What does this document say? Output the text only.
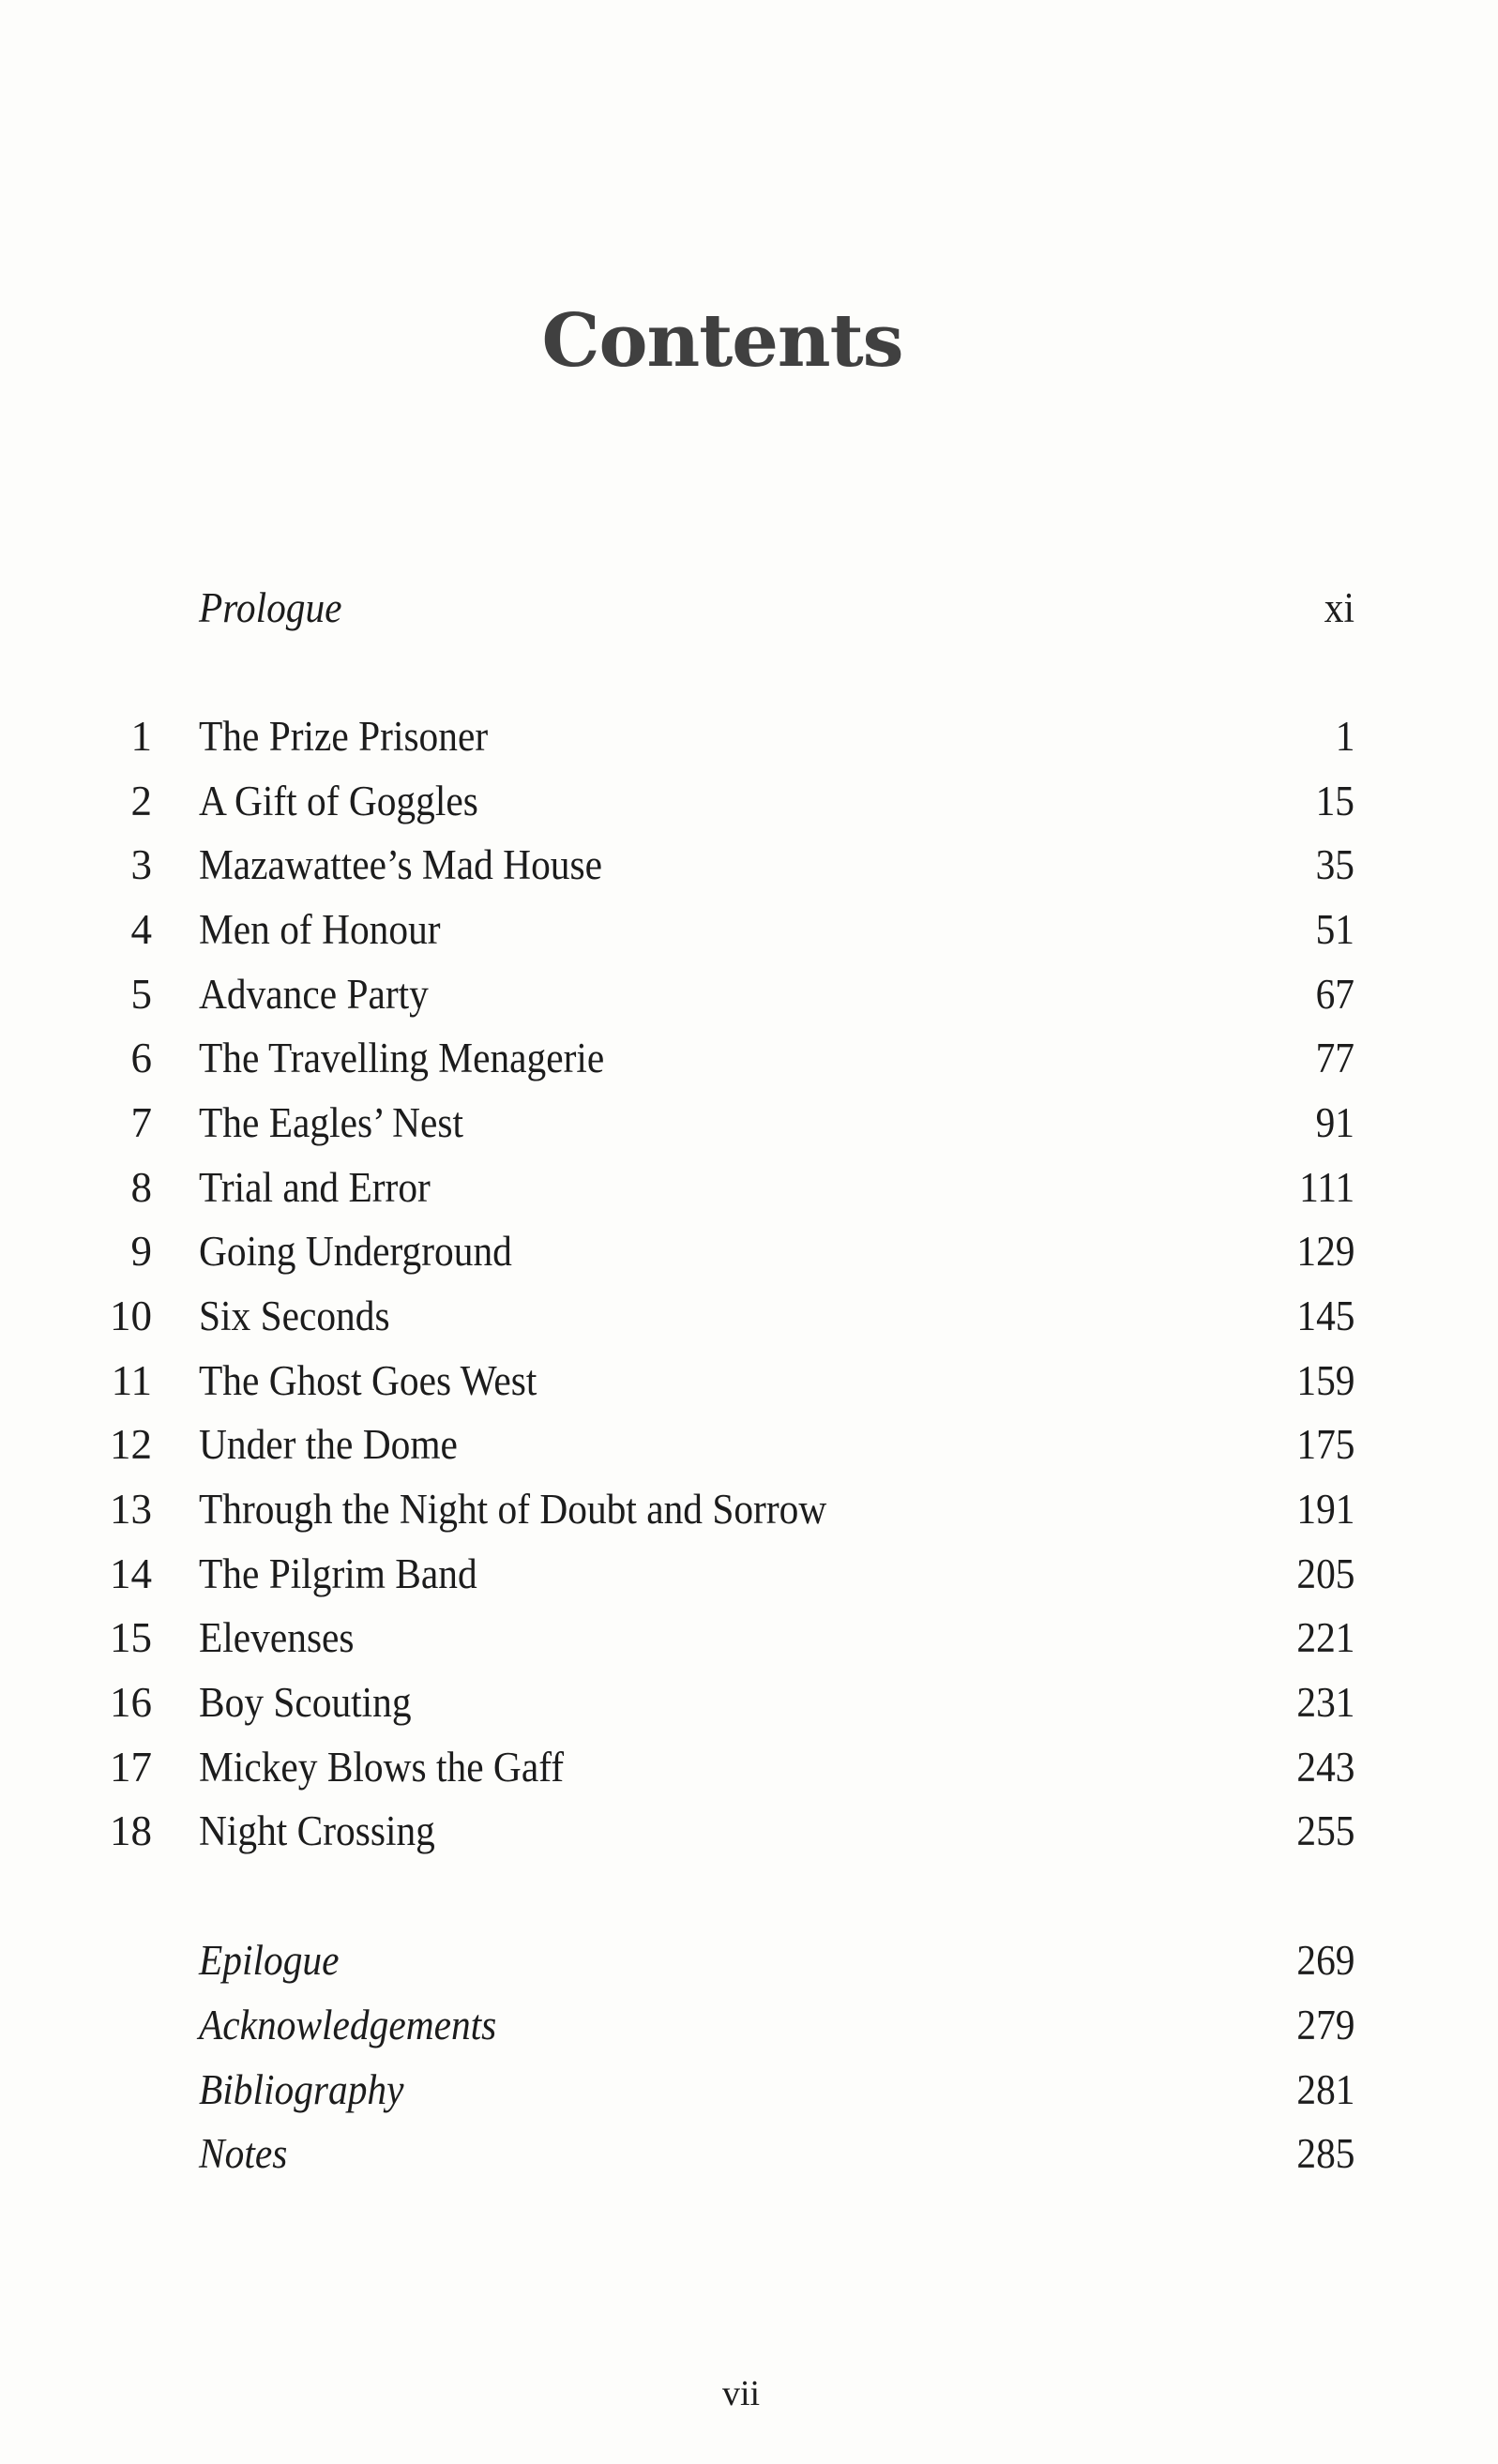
Contents
Prologue	xi
1 The Prize Prisoner	1
2 A Gift of Goggles	15
3 Mazawattee’s Mad House	35
4 Men of Honour	51
5 Advance Party	67
6 The Travelling Menagerie	77
7 The Eagles’ Nest	91
8 Trial and Error	111
9 Going Underground	129
10 Six Seconds	145
11 The Ghost Goes West	159
12 Under the Dome	175
13 Through the Night of Doubt and Sorrow	191
14 The Pilgrim Band	205
15 Elevenses	221
16 Boy Scouting	231
17 Mickey Blows the Gaff	243
18 Night Crossing	255
Epilogue	269
Acknowledgements	279
Bibliography	281
Notes	285
vii
